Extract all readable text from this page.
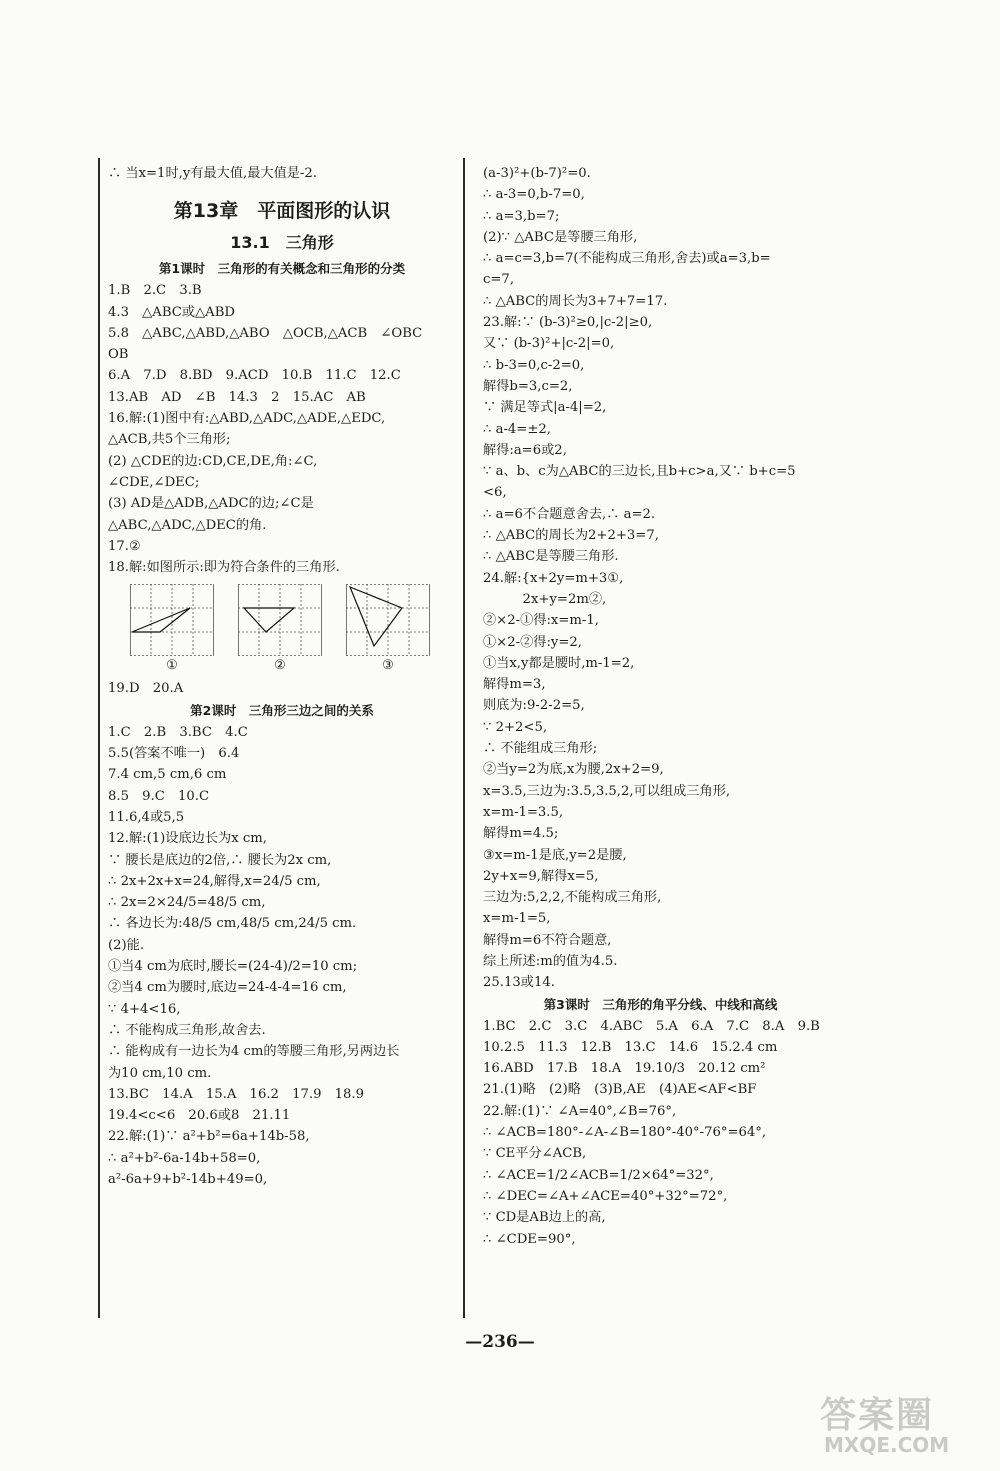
∴ 当x=1时,y有最大值,最大值是-2.
第13章　平面图形的认识
13.1　三角形
第1课时　三角形的有关概念和三角形的分类
1.B　2.C　3.B
4.3　△ABC或△ABD
5.8　△ABC,△ABD,△ABO　△OCB,△ACB　∠OBC
OB
6.A　7.D　8.BD　9.ACD　10.B　11.C　12.C
13.AB　AD　∠B　14.3　2　15.AC　AB
16.解:(1)图中有:△ABD,△ADC,△ADE,△EDC,
△ACB,共5个三角形;
(2) △CDE的边:CD,CE,DE,角:∠C,
∠CDE,∠DEC;
(3) AD是△ADB,△ADC的边;∠C是
△ABC,△ADC,△DEC的角.
17.②
18.解:如图所示:即为符合条件的三角形.
①	②	③
19.D　20.A
第2课时　三角形三边之间的关系
1.C　2.B　3.BC　4.C
5.5(答案不唯一)　6.4
7.4 cm,5 cm,6 cm
8.5　9.C　10.C
11.6,4或5,5
12.解:(1)设底边长为x cm,
∵ 腰长是底边的2倍,∴ 腰长为2x cm,
∴ 2x+2x+x=24,解得,x=24/5 cm,
∴ 2x=2×24/5=48/5 cm,
∴ 各边长为:48/5 cm,48/5 cm,24/5 cm.
(2)能.
①当4 cm为底时,腰长=(24-4)/2=10 cm;
②当4 cm为腰时,底边=24-4-4=16 cm,
∵ 4+4<16,
∴ 不能构成三角形,故舍去.
∴ 能构成有一边长为4 cm的等腰三角形,另两边长
为10 cm,10 cm.
13.BC　14.A　15.A　16.2　17.9　18.9
19.4<c<6　20.6或8　21.11
22.解:(1)∵ a²+b²=6a+14b-58,
∴ a²+b²-6a-14b+58=0,
a²-6a+9+b²-14b+49=0,
(a-3)²+(b-7)²=0.
∴ a-3=0,b-7=0,
∴ a=3,b=7;
(2)∵ △ABC是等腰三角形,
∴ a=c=3,b=7(不能构成三角形,舍去)或a=3,b=
c=7,
∴ △ABC的周长为3+7+7=17.
23.解:∵ (b-3)²≥0,|c-2|≥0,
又∵ (b-3)²+|c-2|=0,
∴ b-3=0,c-2=0,
解得b=3,c=2,
∵ 满足等式|a-4|=2,
∴ a-4=±2,
解得:a=6或2,
∵ a、b、c为△ABC的三边长,且b+c>a,又∵ b+c=5
<6,
∴ a=6不合题意舍去,∴ a=2.
∴ △ABC的周长为2+2+3=7,
∴ △ABC是等腰三角形.
24.解:{x+2y=m+3①,
　　　2x+y=2m②,
②×2-①得:x=m-1,
①×2-②得:y=2,
①当x,y都是腰时,m-1=2,
解得m=3,
则底为:9-2-2=5,
∵ 2+2<5,
∴ 不能组成三角形;
②当y=2为底,x为腰,2x+2=9,
x=3.5,三边为:3.5,3.5,2,可以组成三角形,
x=m-1=3.5,
解得m=4.5;
③x=m-1是底,y=2是腰,
2y+x=9,解得x=5,
三边为:5,2,2,不能构成三角形,
x=m-1=5,
解得m=6不符合题意,
综上所述:m的值为4.5.
25.13或14.
第3课时　三角形的角平分线、中线和高线
1.BC　2.C　3.C　4.ABC　5.A　6.A　7.C　8.A　9.B
10.2.5　11.3　12.B　13.C　14.6　15.2.4 cm
16.ABD　17.B　18.A　19.10/3　20.12 cm²
21.(1)略　(2)略　(3)B,AE　(4)AE<AF<BF
22.解:(1)∵ ∠A=40°,∠B=76°,
∴ ∠ACB=180°-∠A-∠B=180°-40°-76°=64°,
∵ CE平分∠ACB,
∴ ∠ACE=1/2∠ACB=1/2×64°=32°,
∴ ∠DEC=∠A+∠ACE=40°+32°=72°,
∵ CD是AB边上的高,
∴ ∠CDE=90°,
—236—
答案圈
MXQE.COM
